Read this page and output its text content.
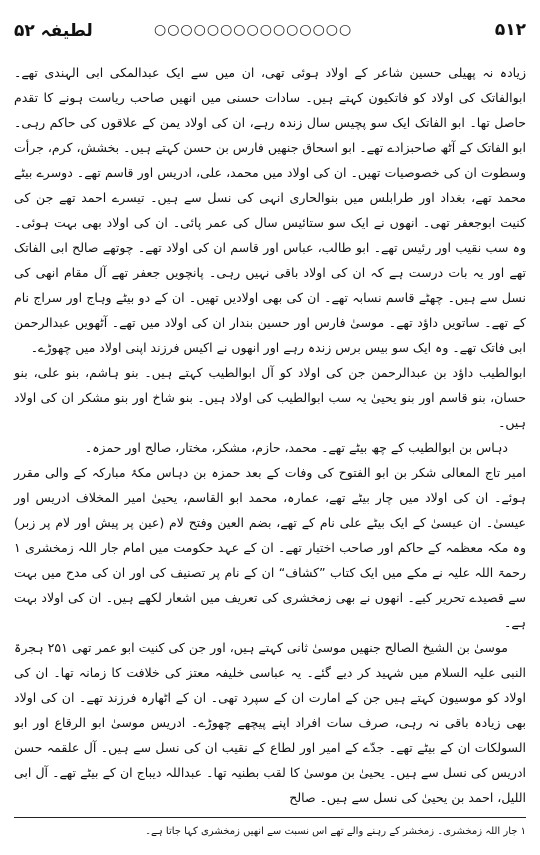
۵۱۲
○○○○○○○○○○○○○○○
لطیفہ ۵۲

زیادہ نہ پھیلی حسین شاعر کے اولاد ہوئی تھی، ان میں سے ایک عبدالمکی ابی الہندی تھے۔ ابوالفاتک کی اولاد کو فاتکیون کہتے ہیں۔ سادات حسنی میں انھیں صاحب ریاست ہونے کا تقدم حاصل تھا۔ ابو الفاتک ایک سو پچیس سال زندہ رہے، ان کی اولاد یمن کے علاقوں کی حاکم رہی۔ ابو الفاتک کے آٹھ صاحبزادے تھے۔ ابو اسحاق جنھیں فارس بن حسن کہتے ہیں۔ بخشش، کرم، جرأت وسطوت ان کی خصوصیات تھیں۔ ان کی اولاد میں محمد، علی، ادریس اور قاسم تھے۔ دوسرے بیٹے محمد تھے، بغداد اور طرابلس میں بنوالحاری انہی کی نسل سے ہیں۔ تیسرے احمد تھے جن کی کنیت ابوجعفر تھی۔ انھوں نے ایک سو ستائیس سال کی عمر پائی۔ ان کی اولاد بھی بہت ہوئی۔ وہ سب نقیب اور رئیس تھے۔ ابو طالب، عباس اور قاسم ان کی اولاد تھے۔ چوتھے صالح ابی الفاتک تھے اور یہ بات درست ہے کہ ان کی اولاد باقی نہیں رہی۔ پانچویں جعفر تھے آل مقام انھی کی نسل سے ہیں۔ چھٹے قاسم نسابہ تھے۔ ان کی بھی اولادیں تھیں۔ ان کے دو بیٹے وہاج اور سراج نام کے تھے۔ ساتویں داؤد تھے۔ موسیٰ فارس اور حسین بندار ان کی اولاد میں تھے۔ آٹھویں عبدالرحمن ابی فاتک تھے۔ وہ ایک سو بیس برس زندہ رہے اور انھوں نے اکیس فرزند اپنی اولاد میں چھوڑے۔

ابوالطیب داؤد بن عبدالرحمن جن کی اولاد کو آل ابوالطیب کہتے ہیں۔ بنو ہاشم، بنو علی، بنو حسان، بنو قاسم اور بنو یحییٰ یہ سب ابوالطیب کی اولاد ہیں۔ بنو شاخ اور بنو مشکر ان کی اولاد ہیں۔

دہاس بن ابوالطیب کے چھ بیٹے تھے۔ محمد، حازم، مشکر، مختار، صالح اور حمزہ۔

امیر تاج المعالی شکر بن ابو الفتوح کی وفات کے بعد حمزہ بن دہاس مکۂ مبارکہ کے والی مقرر ہوئے۔ ان کی اولاد میں چار بیٹے تھے، عمارہ، محمد ابو القاسم، یحییٰ امیر المخلاف ادریس اور عیسیٰ۔ ان عیسیٰ کے ایک بیٹے علی نام کے تھے، بضم العین وفتح لام (عین پر پیش اور لام پر زبر) وہ مکہ معظمہ کے حاکم اور صاحب اختیار تھے۔ ان کے عہد حکومت میں امام جار اللہ زمخشری ۱ رحمۃ اللہ علیہ نے مکے میں ایک کتاب ”کشاف“ ان کے نام پر تصنیف کی اور ان کی مدح میں بہت سے قصیدے تحریر کیے۔ انھوں نے بھی زمخشری کی تعریف میں اشعار لکھے ہیں۔ ان کی اولاد بہت ہے۔

موسیٰ بن الشیخ الصالح جنھیں موسیٰ ثانی کہتے ہیں، اور جن کی کنیت ابو عمر تھی ۲۵۱ ہجرۃ النبی علیہ السلام میں شہید کر دیے گئے۔ یہ عباسی خلیفہ معتز کی خلافت کا زمانہ تھا۔ ان کی اولاد کو موسیون کہتے ہیں جن کے امارت ان کے سپرد تھی۔ ان کے اٹھارہ فرزند تھے۔ ان کی اولاد بھی زیادہ باقی نہ رہی، صرف سات افراد اپنے پیچھے چھوڑے۔ ادریس موسیٰ ابو الرقاع اور ابو السولکات ان کے بیٹے تھے۔ جدّے کے امیر اور لطاع کے نقیب ان کی نسل سے ہیں۔ آل علقمہ حسن ادریس کی نسل سے ہیں۔ یحییٰ بن موسیٰ کا لقب بطنیہ تھا۔ عبداللہ دیباج ان کے بیٹے تھے۔ آل ابی اللیل، احمد بن یحییٰ کی نسل سے ہیں۔ صالح

۱ جار اللہ زمخشری۔ زمخشر کے رہنے والے تھے اس نسبت سے انھیں زمخشری کہا جاتا ہے۔
